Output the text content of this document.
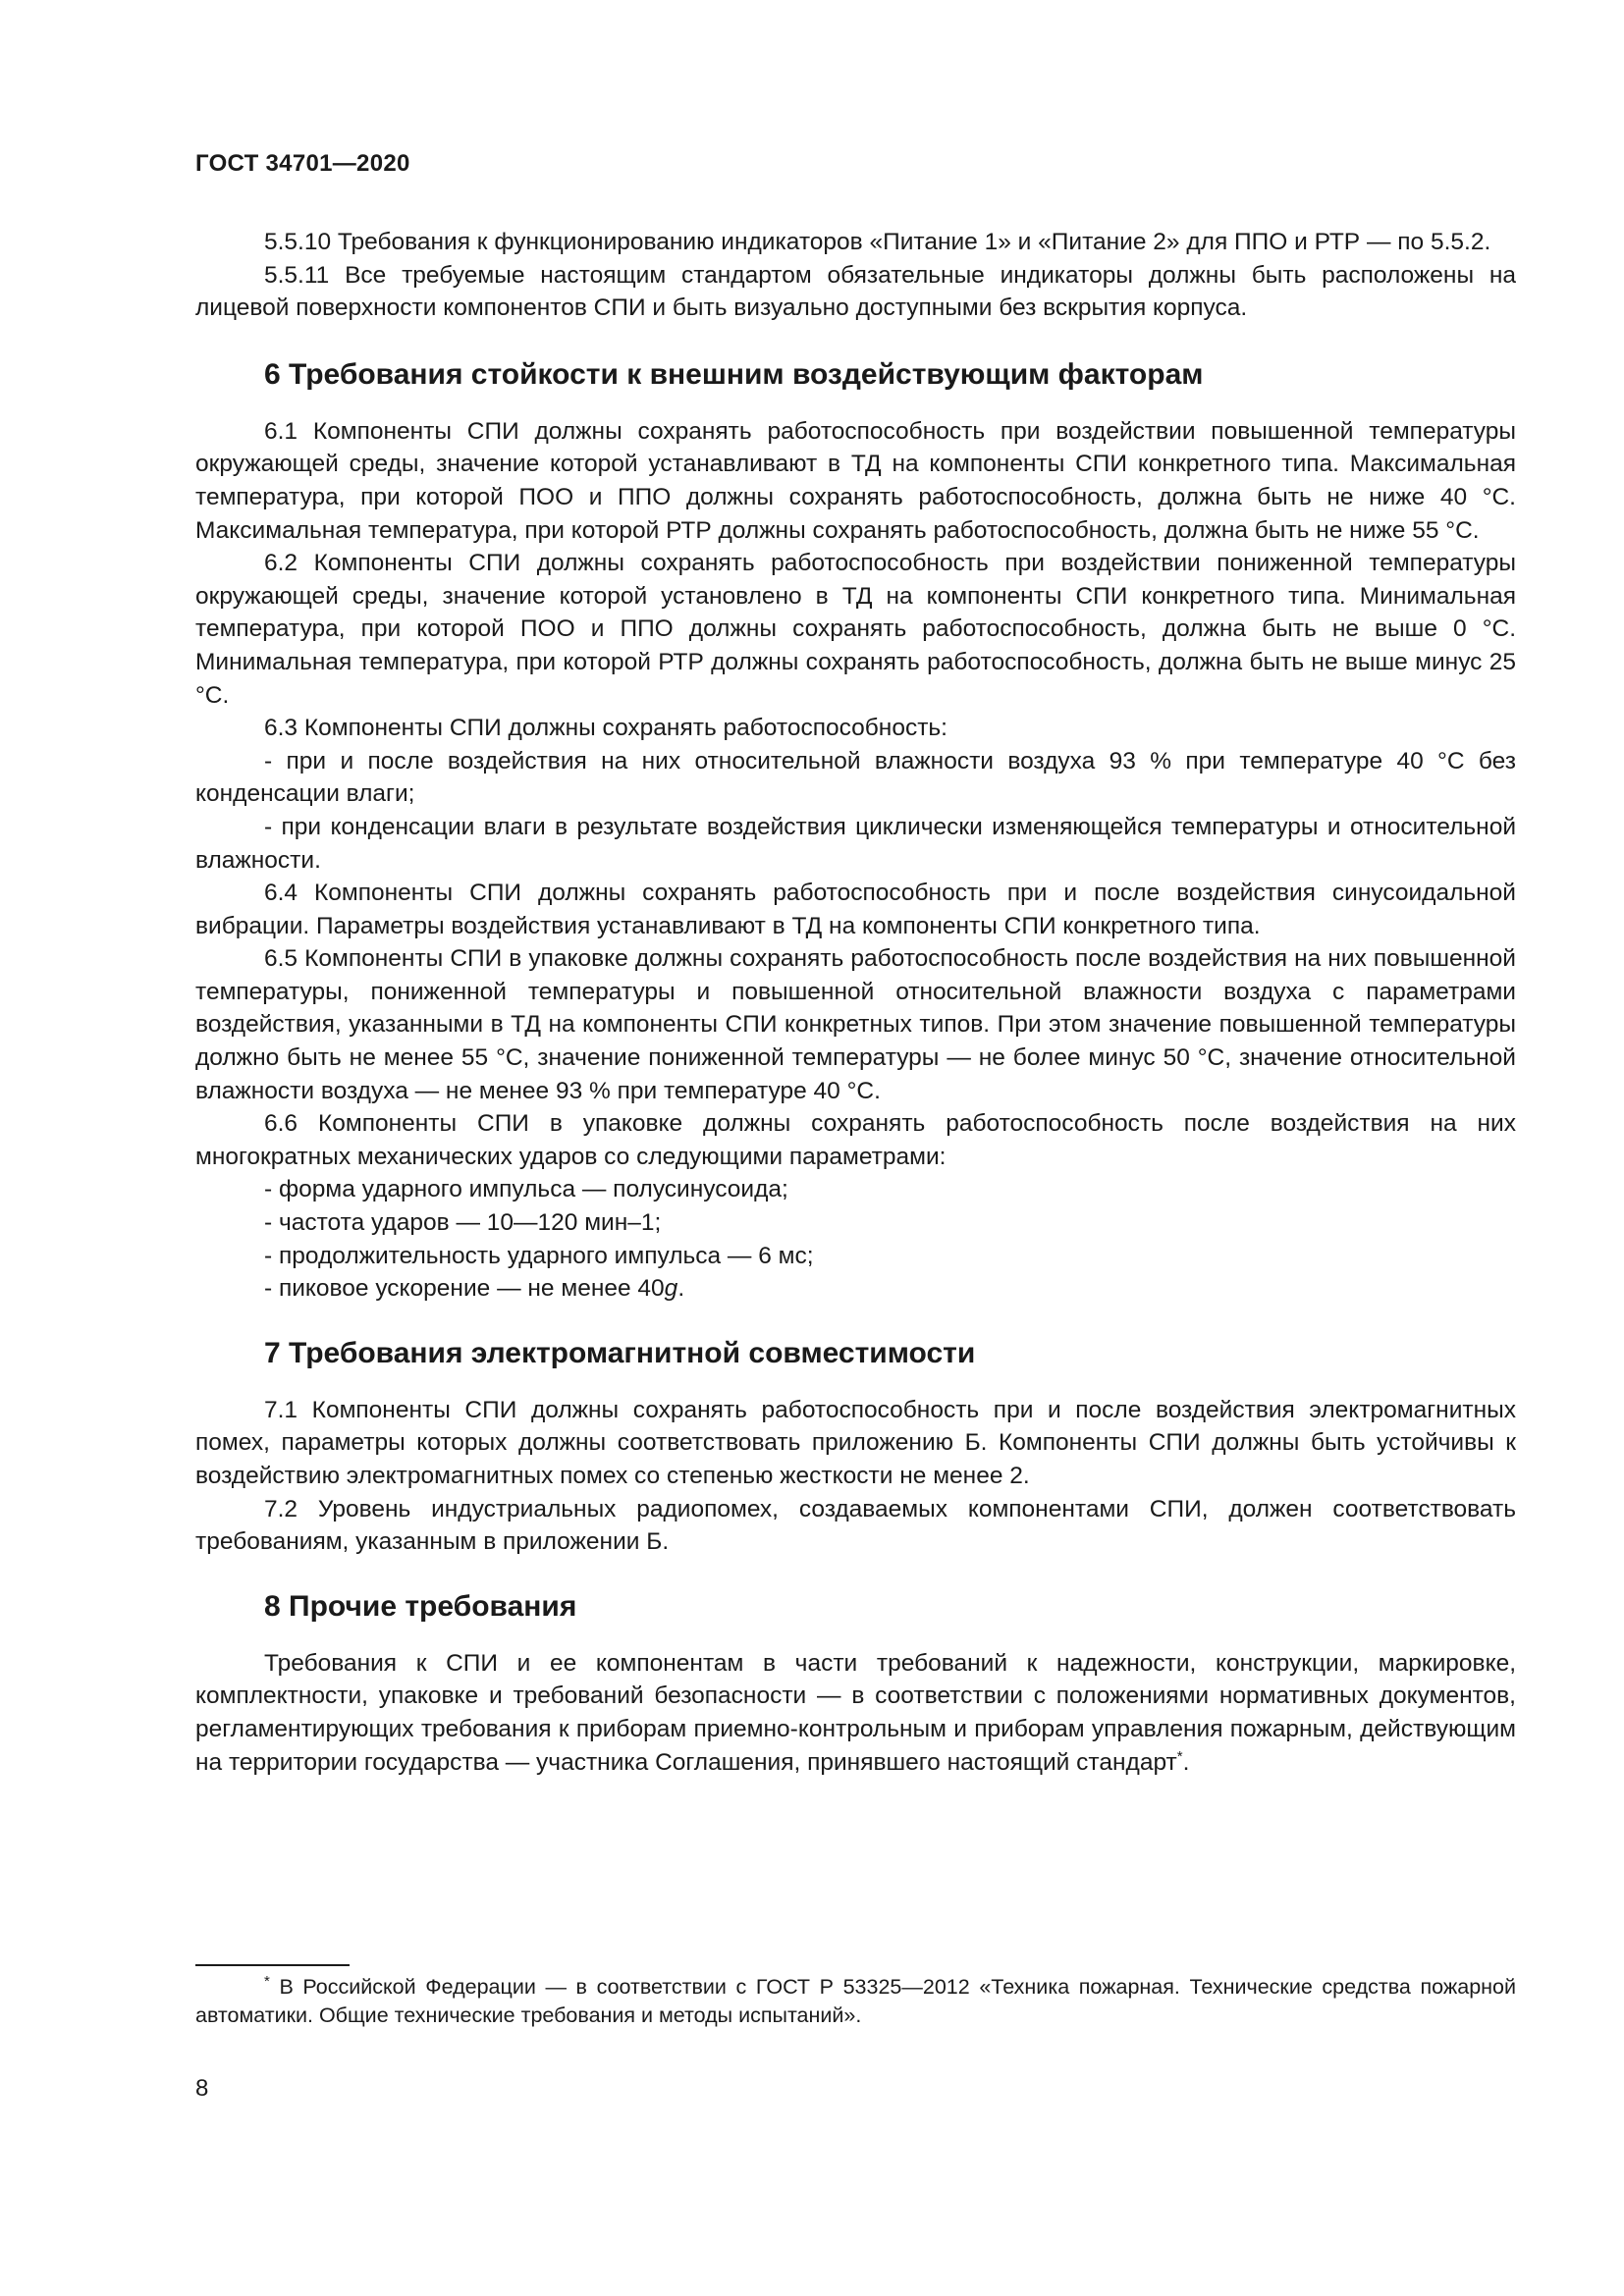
ГОСТ 34701—2020

5.5.10 Требования к функционированию индикаторов «Питание 1» и «Питание 2» для ППО и РТР — по 5.5.2.

5.5.11 Все требуемые настоящим стандартом обязательные индикаторы должны быть расположены на лицевой поверхности компонентов СПИ и быть визуально доступными без вскрытия корпуса.

6 Требования стойкости к внешним воздействующим факторам

6.1 Компоненты СПИ должны сохранять работоспособность при воздействии повышенной температуры окружающей среды, значение которой устанавливают в ТД на компоненты СПИ конкретного типа. Максимальная температура, при которой ПОО и ППО должны сохранять работоспособность, должна быть не ниже 40 °С. Максимальная температура, при которой РТР должны сохранять работоспособность, должна быть не ниже 55 °С.

6.2 Компоненты СПИ должны сохранять работоспособность при воздействии пониженной температуры окружающей среды, значение которой установлено в ТД на компоненты СПИ конкретного типа. Минимальная температура, при которой ПОО и ППО должны сохранять работоспособность, должна быть не выше 0 °С. Минимальная температура, при которой РТР должны сохранять работоспособность, должна быть не выше минус 25 °С.

6.3 Компоненты СПИ должны сохранять работоспособность:

- при и после воздействия на них относительной влажности воздуха 93 % при температуре 40 °С без конденсации влаги;

- при конденсации влаги в результате воздействия циклически изменяющейся температуры и относительной влажности.

6.4 Компоненты СПИ должны сохранять работоспособность при и после воздействия синусоидальной вибрации. Параметры воздействия устанавливают в ТД на компоненты СПИ конкретного типа.

6.5 Компоненты СПИ в упаковке должны сохранять работоспособность после воздействия на них повышенной температуры, пониженной температуры и повышенной относительной влажности воздуха с параметрами воздействия, указанными в ТД на компоненты СПИ конкретных типов. При этом значение повышенной температуры должно быть не менее 55 °С, значение пониженной температуры — не более минус 50 °С, значение относительной влажности воздуха — не менее 93 % при температуре 40 °С.

6.6 Компоненты СПИ в упаковке должны сохранять работоспособность после воздействия на них многократных механических ударов со следующими параметрами:

- форма ударного импульса — полусинусоида;

- частота ударов — 10—120 мин–1;

- продолжительность ударного импульса — 6 мс;

- пиковое ускорение — не менее 40g.

7 Требования электромагнитной совместимости

7.1 Компоненты СПИ должны сохранять работоспособность при и после воздействия электромагнитных помех, параметры которых должны соответствовать приложению Б. Компоненты СПИ должны быть устойчивы к воздействию электромагнитных помех со степенью жесткости не менее 2.

7.2 Уровень индустриальных радиопомех, создаваемых компонентами СПИ, должен соответствовать требованиям, указанным в приложении Б.

8 Прочие требования

Требования к СПИ и ее компонентам в части требований к надежности, конструкции, маркировке, комплектности, упаковке и требований безопасности — в соответствии с положениями нормативных документов, регламентирующих требования к приборам приемно-контрольным и приборам управления пожарным, действующим на территории государства — участника Соглашения, принявшего настоящий стандарт*.

* В Российской Федерации — в соответствии с ГОСТ Р 53325—2012 «Техника пожарная. Технические средства пожарной автоматики. Общие технические требования и методы испытаний».
8
